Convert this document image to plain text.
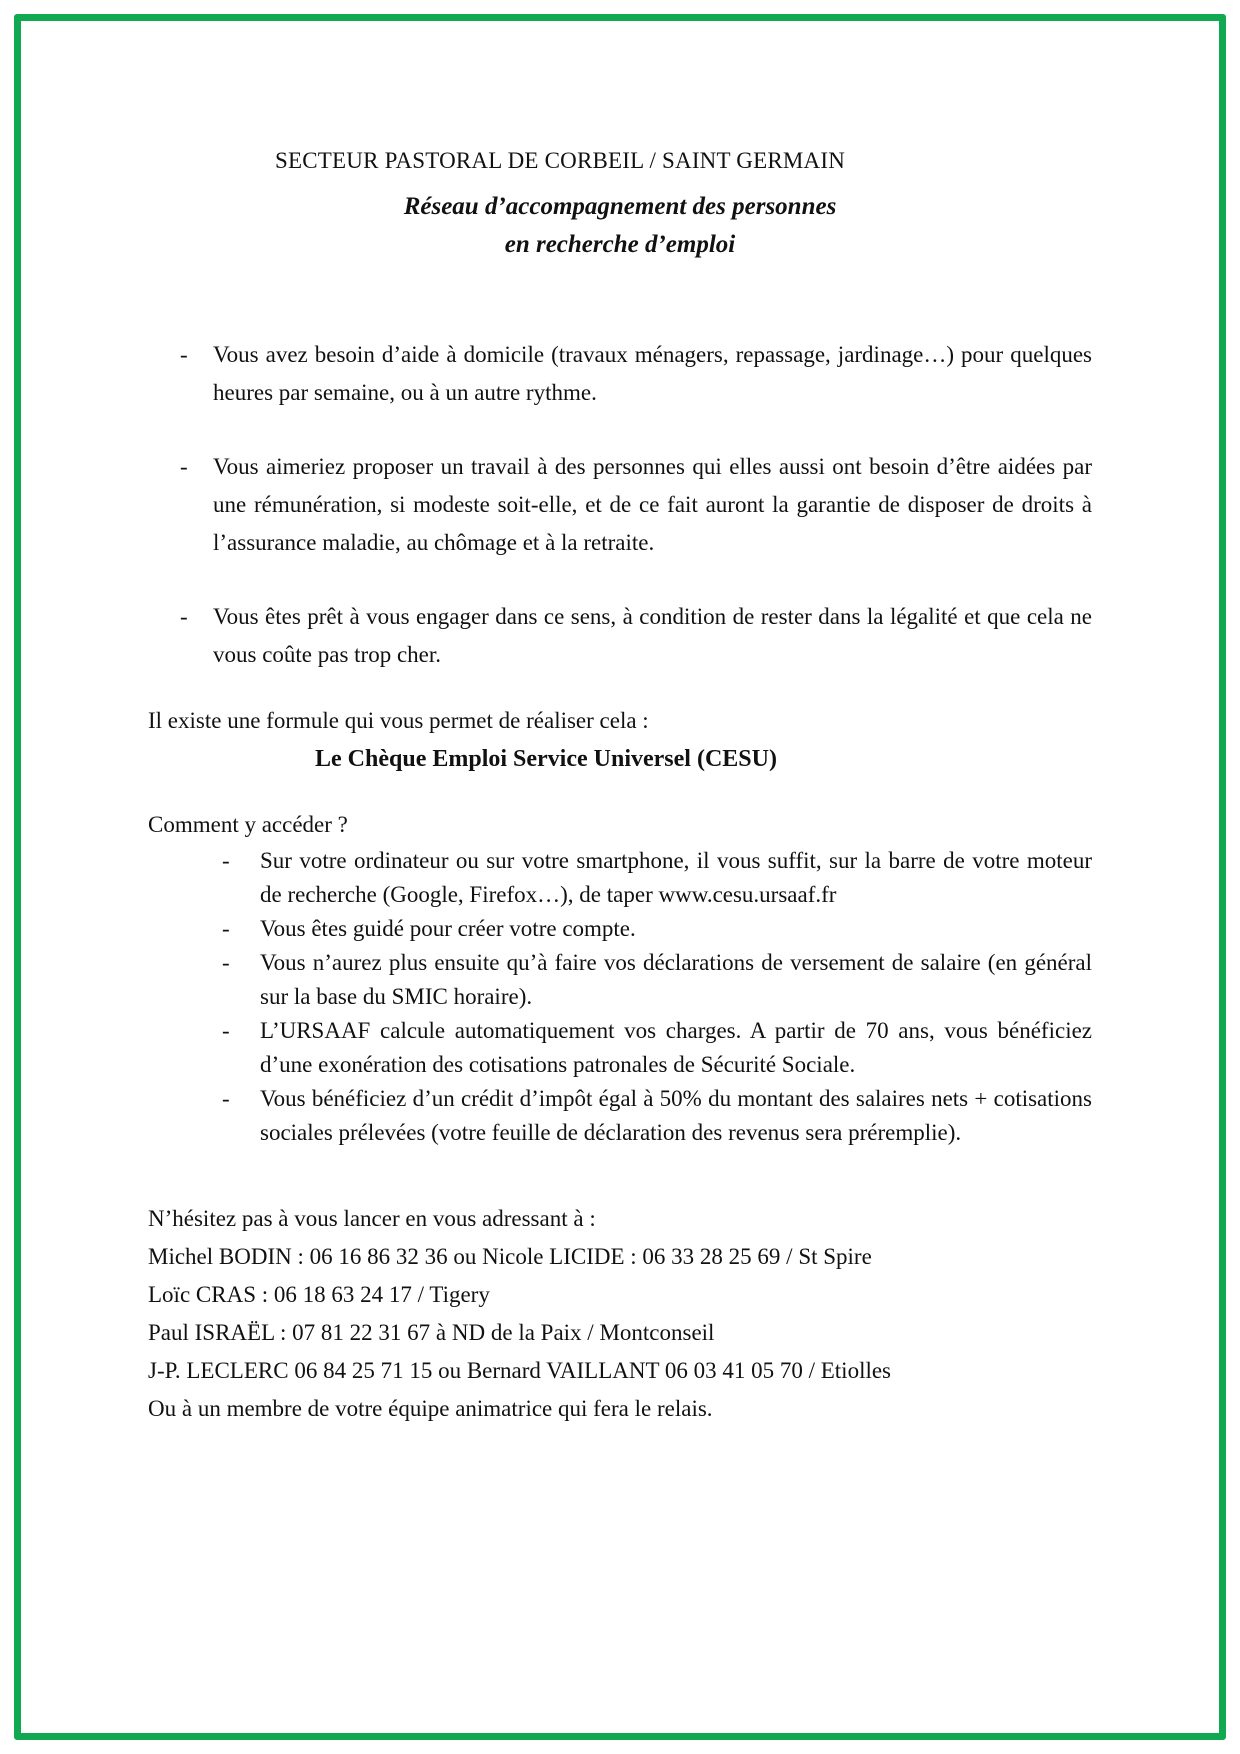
SECTEUR PASTORAL DE CORBEIL / SAINT GERMAIN
Réseau d’accompagnement des personnes
en recherche d’emploi
- Vous avez besoin d’aide à domicile (travaux ménagers, repassage, jardinage…) pour quelques heures par semaine, ou à un autre rythme.
- Vous aimeriez proposer un travail à des personnes qui elles aussi ont besoin d’être aidées par une rémunération, si modeste soit-elle, et de ce fait auront la garantie de disposer de droits à l’assurance maladie, au chômage et à la retraite.
- Vous êtes prêt à vous engager dans ce sens, à condition de rester dans la légalité et que cela ne vous coûte pas trop cher.
Il existe une formule qui vous permet de réaliser cela :
Le Chèque Emploi Service Universel (CESU)
Comment y accéder ?
- Sur votre ordinateur ou sur votre smartphone, il vous suffit, sur la barre de votre moteur de recherche (Google, Firefox…), de taper www.cesu.ursaaf.fr
- Vous êtes guidé pour créer votre compte.
- Vous n’aurez plus ensuite qu’à faire vos déclarations de versement de salaire (en général sur la base du SMIC horaire).
- L’URSAAF calcule automatiquement vos charges. A partir de 70 ans, vous bénéficiez d’une exonération des cotisations patronales de Sécurité Sociale.
- Vous bénéficiez d’un crédit d’impôt égal à 50% du montant des salaires nets + cotisations sociales prélevées (votre feuille de déclaration des revenus sera préremplie).
N’hésitez pas à vous lancer en vous adressant à :
Michel BODIN : 06 16 86 32 36 ou Nicole LICIDE : 06 33 28 25 69 / St Spire
Loïc CRAS : 06 18 63 24 17 / Tigery
Paul ISRAËL : 07 81 22 31 67 à ND de la Paix / Montconseil
J-P. LECLERC 06 84 25 71 15 ou Bernard VAILLANT 06 03 41 05 70 / Etiolles
Ou à un membre de votre équipe animatrice qui fera le relais.
